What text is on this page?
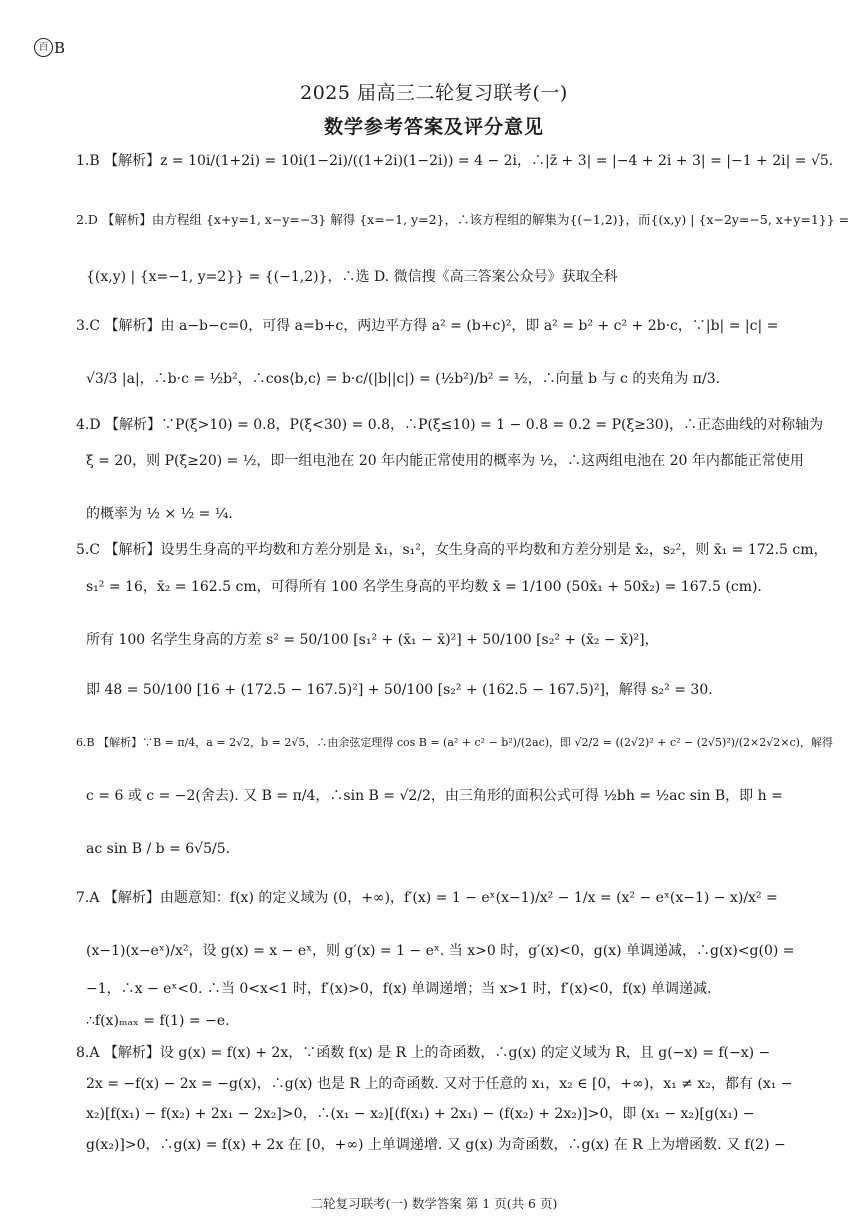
百 B
2025 届高三二轮复习联考(一)
数学参考答案及评分意见
1.B 【解析】z = 10i/(1+2i) = 10i(1−2i)/((1+2i)(1−2i)) = 4 − 2i，∴|z̄ + 3| = |−4 + 2i + 3| = |−1 + 2i| = √5.
2.D 【解析】由方程组 {x+y=1, x−y=−3} 解得 {x=−1, y=2}，∴该方程组的解集为{(−1,2)}，而{(x,y) | {x−2y=−5, x+y=1}} =
{(x,y) | {x=−1, y=2}} = {(−1,2)}，∴选 D. 微信搜《高三答案公众号》获取全科
3.C 【解析】由 a−b−c=0，可得 a=b+c，两边平方得 a² = (b+c)²，即 a² = b² + c² + 2b·c，∵|b| = |c| =
√3/3 |a|，∴b·c = ½b²，∴cos⟨b,c⟩ = b·c/(|b||c|) = (½b²)/b² = ½，∴向量 b 与 c 的夹角为 π/3.
4.D 【解析】∵P(ξ>10) = 0.8，P(ξ<30) = 0.8，∴P(ξ≤10) = 1 − 0.8 = 0.2 = P(ξ≥30)，∴正态曲线的对称轴为
ξ = 20，则 P(ξ≥20) = ½，即一组电池在 20 年内能正常使用的概率为 ½，∴这两组电池在 20 年内都能正常使用
的概率为 ½ × ½ = ¼.
5.C 【解析】设男生身高的平均数和方差分别是 x̄₁，s₁²，女生身高的平均数和方差分别是 x̄₂，s₂²，则 x̄₁ = 172.5 cm，
s₁² = 16，x̄₂ = 162.5 cm，可得所有 100 名学生身高的平均数 x̄ = 1/100 (50x̄₁ + 50x̄₂) = 167.5 (cm).
所有 100 名学生身高的方差 s² = 50/100 [s₁² + (x̄₁ − x̄)²] + 50/100 [s₂² + (x̄₂ − x̄)²]，
即 48 = 50/100 [16 + (172.5 − 167.5)²] + 50/100 [s₂² + (162.5 − 167.5)²]，解得 s₂² = 30.
6.B 【解析】∵B = π/4，a = 2√2，b = 2√5，∴由余弦定理得 cos B = (a² + c² − b²)/(2ac)，即 √2/2 = ((2√2)² + c² − (2√5)²)/(2×2√2×c)，解得
c = 6 或 c = −2(舍去). 又 B = π/4，∴sin B = √2/2，由三角形的面积公式可得 ½bh = ½ac sin B，即 h =
ac sin B / b = 6√5/5.
7.A 【解析】由题意知：f(x) 的定义域为 (0，+∞)，f′(x) = 1 − eˣ(x−1)/x² − 1/x = (x² − eˣ(x−1) − x)/x² =
(x−1)(x−eˣ)/x²，设 g(x) = x − eˣ，则 g′(x) = 1 − eˣ. 当 x>0 时，g′(x)<0，g(x) 单调递减，∴g(x)<g(0) =
−1，∴x − eˣ<0. ∴当 0<x<1 时，f′(x)>0，f(x) 单调递增；当 x>1 时，f′(x)<0，f(x) 单调递减.
∴f(x)ₘₐₓ = f(1) = −e.
8.A 【解析】设 g(x) = f(x) + 2x，∵函数 f(x) 是 R 上的奇函数，∴g(x) 的定义域为 R，且 g(−x) = f(−x) −
2x = −f(x) − 2x = −g(x)，∴g(x) 也是 R 上的奇函数. 又对于任意的 x₁，x₂ ∈ [0，+∞)，x₁ ≠ x₂，都有 (x₁ −
x₂)[f(x₁) − f(x₂) + 2x₁ − 2x₂]>0，∴(x₁ − x₂)[(f(x₁) + 2x₁) − (f(x₂) + 2x₂)]>0，即 (x₁ − x₂)[g(x₁) −
g(x₂)]>0，∴g(x) = f(x) + 2x 在 [0，+∞) 上单调递增. 又 g(x) 为奇函数，∴g(x) 在 R 上为增函数. 又 f(2) −
二轮复习联考(一) 数学答案 第 1 页(共 6 页)
